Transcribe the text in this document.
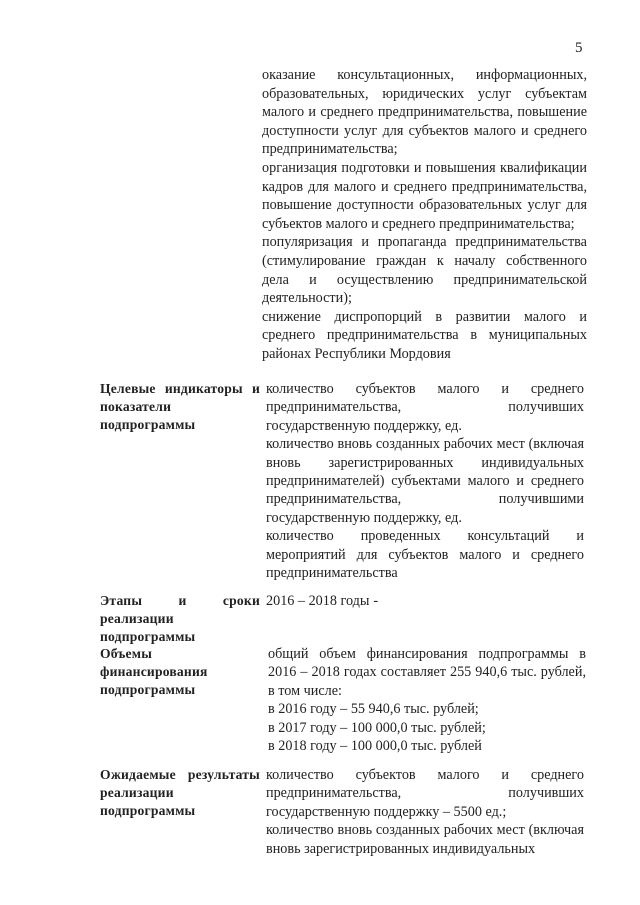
5

оказание консультационных, информационных, образовательных, юридических услуг субъектам малого и среднего предпринимательства, повышение доступности услуг для субъектов малого и среднего предпринимательства;

организация подготовки и повышения квалификации кадров для малого и среднего предпринимательства, повышение доступности образовательных услуг для субъектов малого и среднего предпринимательства;

популяризация и пропаганда предпринимательства (стимулирование граждан к началу собственного дела и осуществлению предпринимательской деятельности);

снижение диспропорций в развитии малого и среднего предпринимательства в муниципальных районах Республики Мордовия

Целевые индикаторы и показатели подпрограммы

количество субъектов малого и среднего предпринимательства, получивших государственную поддержку, ед.

количество вновь созданных рабочих мест (включая вновь зарегистрированных индивидуальных предпринимателей) субъектами малого и среднего предпринимательства, получившими государственную поддержку, ед.

количество проведенных консультаций и мероприятий для субъектов малого и среднего предпринимательства

Этапы и сроки реализации подпрограммы
2016 – 2018 годы -
Объемы финансирования подпрограммы

общий объем финансирования подпрограммы в 2016 – 2018 годах составляет 255 940,6 тыс. рублей, в том числе:

в 2016 году – 55 940,6 тыс. рублей;

в 2017 году – 100 000,0 тыс. рублей;

в 2018 году – 100 000,0 тыс. рублей

Ожидаемые результаты реализации подпрограммы

количество субъектов малого и среднего предпринимательства, получивших государственную поддержку – 5500 ед.;

количество вновь созданных рабочих мест (включая вновь зарегистрированных индивидуальных
